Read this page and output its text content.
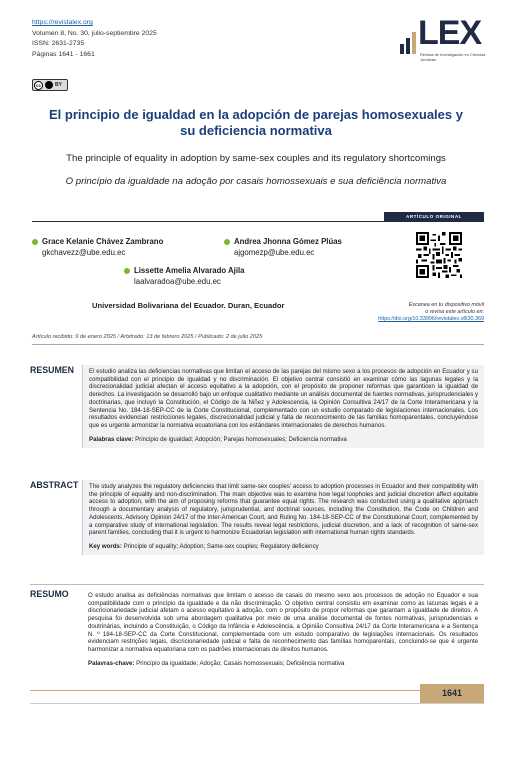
https://revistalex.org
Volumen 8, No. 30, julio-septiembre 2025
ISSN: 2631-2735
Páginas 1641 - 1661
LEX
Revista de Investigación en Ciencias Jurídicas
cc	BY
El principio de igualdad en la adopción de parejas homosexuales y su deficiencia normativa
The principle of equality in adoption by same-sex couples and its regulatory shortcomings
O princípio da igualdade na adoção por casais homossexuais e sua deficiência normativa
ARTÍCULO ORIGINAL
Grace Kelanie Chávez Zambrano
gkchavezz@ube.edu.ec
Andrea Jhonna Gómez Plúas
ajgomezp@ube.edu.ec
Lissette Amelia Alvarado Ajila
laalvaradoa@ube.edu.ec
Universidad Bolivariana del Ecuador. Duran, Ecuador	Escanea en tu dispositivo móvil
o revisa este artículo en:
https://doi.org/10.33996/revistalex.v8i30.369
Artículo recibido: 9 de enero 2025 / Arbitrado: 13 de febrero 2025 / Publicado: 2 de julio 2025
RESUMEN El estudio analiza las deficiencias normativas que limitan el acceso de las parejas del mismo sexo a los procesos de adopción en Ecuador y su compatibilidad con el principio de igualdad y no discriminación. El objetivo central consistió en examinar cómo las lagunas legales y la discrecionalidad judicial afectan el acceso equitativo a la adopción, con el propósito de proponer reformas que garanticen la igualdad de derechos. La investigación se desarrolló bajo un enfoque cualitativo mediante un análisis documental de fuentes normativas, jurisprudenciales y doctrinarias, que incluyó la Constitución, el Código de la Niñez y Adolescencia, la Opinión Consultiva 24/17 de la Corte Interamericana y la Sentencia No. 184-18-SEP-CC de la Corte Constitucional, complementado con un estudio comparado de legislaciones internacionales. Los resultados evidencian restricciones legales, discrecionalidad judicial y falta de reconocimiento de las familias homoparentales, concluyéndose que es urgente armonizar la normativa ecuatoriana con los estándares internacionales de derechos humanos.

Palabras clave: Principio de igualdad; Adopción; Parejas homosexuales; Deficiencia normativa

ABSTRACT The study analyzes the regulatory deficiencies that limit same-sex couples' access to adoption processes in Ecuador and their compatibility with the principle of equality and non-discrimination. The main objective was to examine how legal loopholes and judicial discretion affect equitable access to adoption, with the aim of proposing reforms that guarantee equal rights. The research was conducted using a qualitative approach through a documentary analysis of regulatory, jurisprudential, and doctrinal sources, including the Constitution, the Code on Children and Adolescents, Advisory Opinion 24/17 of the Inter-American Court, and Ruling No. 184-18-SEP-CC of the Constitutional Court, complemented by a comparative study of international legislation. The results reveal legal restrictions, judicial discretion, and a lack of recognition of same-sex parent families, concluding that it is urgent to harmonize Ecuadorian legislation with international human rights standards.

Key words: Principle of equality; Adoption; Same-sex couples; Regulatory deficiency

RESUMO	O estudo analisa as deficiências normativas que limitam o acesso de casais do mesmo sexo aos processos de adoção no Equador e sua compatibilidade com o princípio da igualdade e da não discriminação. O objetivo central consistiu em examinar como as lacunas legais e a discricionariedade judicial afetam o acesso equitativo à adoção, com o propósito de propor reformas que garantam a igualdade de direitos. A pesquisa foi desenvolvida sob uma abordagem qualitativa por meio de uma análise documental de fontes normativas, jurisprudenciais e doutrinárias, incluindo a Constituição, o Código da Infância e Adolescência, a Opinião Consultiva 24/17 da Corte Interamericana e a Sentença N. º 184-18-SEP-CC da Corte Constitucional, complementada com um estudo comparativo de legislações internacionais. Os resultados evidenciam restrições legais, discricionariedade judicial e falta de reconhecimento das famílias homoparentais, concluindo-se que é urgente harmonizar a normativa equatoriana com os padrões internacionais de direitos humanos.

Palavras-chave: Princípio da igualdade; Adoção; Casais homossexuais; Deficiência normativa

1641
